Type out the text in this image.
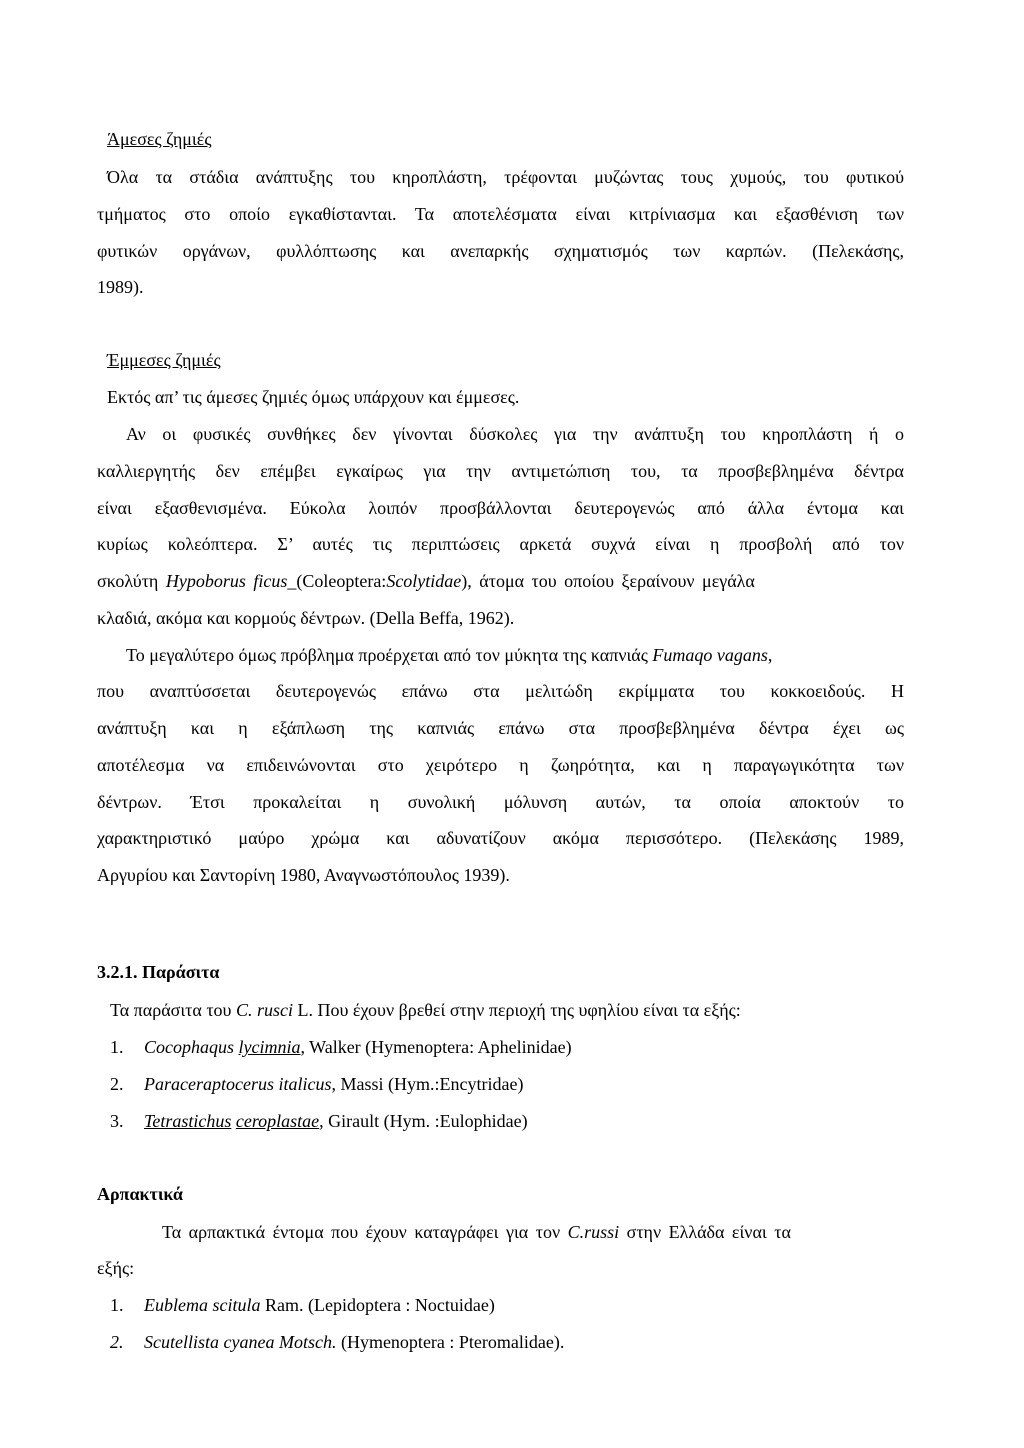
Άμεσες ζημιές
Όλα τα στάδια ανάπτυξης του κηροπλάστη, τρέφονται μυζώντας τους χυμούς, του φυτικού
τμήματος στο οποίο εγκαθίστανται. Τα αποτελέσματα είναι κιτρίνιασμα και εξασθένιση των
φυτικών οργάνων, φυλλόπτωσης και ανεπαρκής σχηματισμός των καρπών. (Πελεκάσης,
1989).
Έμμεσες ζημιές
Εκτός απ’ τις άμεσες ζημιές όμως υπάρχουν και έμμεσες.
Αν οι φυσικές συνθήκες δεν γίνονται δύσκολες για την ανάπτυξη του κηροπλάστη ή ο
καλλιεργητής δεν επέμβει εγκαίρως για την αντιμετώπιση του, τα προσβεβλημένα δέντρα
είναι εξασθενισμένα. Εύκολα λοιπόν προσβάλλονται δευτερογενώς από άλλα έντομα και
κυρίως κολεόπτερα. Σ’ αυτές τις περιπτώσεις αρκετά συχνά είναι η προσβολή από τον
σκολύτη Hypoborus ficus_(Coleoptera:Scolytidae), άτομα του οποίου ξεραίνουν μεγάλα
κλαδιά, ακόμα και κορμούς δέντρων. (Della Beffa, 1962).
Το μεγαλύτερο όμως πρόβλημα προέρχεται από τον μύκητα της καπνιάς Fumaqo vagans,
που αναπτύσσεται δευτερογενώς επάνω στα μελιτώδη εκρίμματα του κοκκοειδούς. Η
ανάπτυξη και η εξάπλωση της καπνιάς επάνω στα προσβεβλημένα δέντρα έχει ως
αποτέλεσμα να επιδεινώνονται στο χειρότερο η ζωηρότητα, και η παραγωγικότητα των
δέντρων. Έτσι προκαλείται η συνολική μόλυνση αυτών, τα οποία αποκτούν το
χαρακτηριστικό μαύρο χρώμα και αδυνατίζουν ακόμα περισσότερο. (Πελεκάσης 1989,
Αργυρίου και Σαντορίνη 1980, Αναγνωστόπουλος 1939).
3.2.1. Παράσιτα
Τα παράσιτα του C. rusci L. Που έχουν βρεθεί στην περιοχή της υφηλίου είναι τα εξής:
1. Cocophaqus lycimnia, Walker (Hymenoptera: Aphelinidae)
2. Paraceraptocerus italicus, Massi (Hym.:Encytridae)
3. Tetrastichus ceroplastae, Girault (Hym. :Eulophidae)
Αρπακτικά
Τα αρπακτικά έντομα που έχουν καταγράφει για τον C.russi στην Ελλάδα είναι τα
εξής:
1. Eublema scitula Ram. (Lepidoptera : Noctuidae)
2. Scutellista cyanea Motsch. (Hymenoptera : Pteromalidae).
